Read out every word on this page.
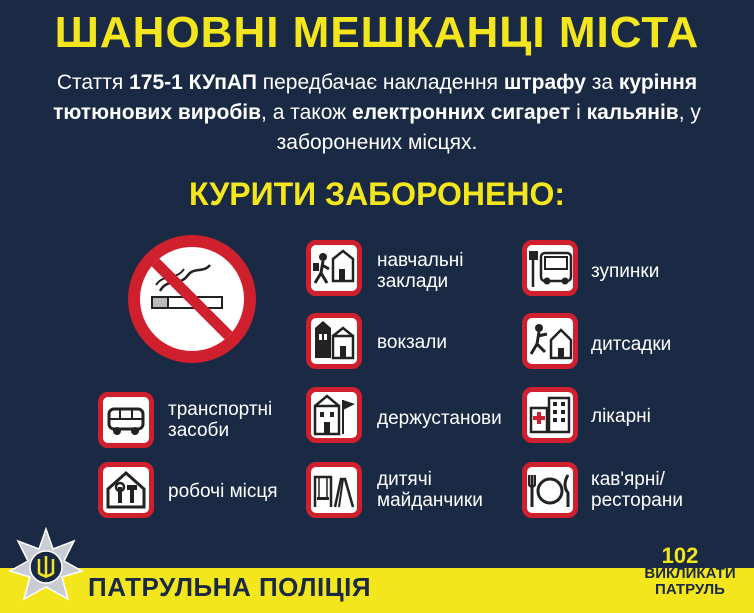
ШАНОВНІ МЕШКАНЦІ МІСТА
Стаття 175-1 КУпАП передбачає накладення штрафу за куріння тютюнових виробів, а також електронних сигарет і кальянів, у заборонених місцях.
КУРИТИ ЗАБОРОНЕНО:
транспортні засоби
робочі місця
навчальні заклади
вокзали
держустанови
дитячі майданчики
зупинки
дитсадки
лікарні
кав'ярні/ ресторани
ПАТРУЛЬНА ПОЛІЦІЯ
102
ВИКЛИКАТИ ПАТРУЛЬ
